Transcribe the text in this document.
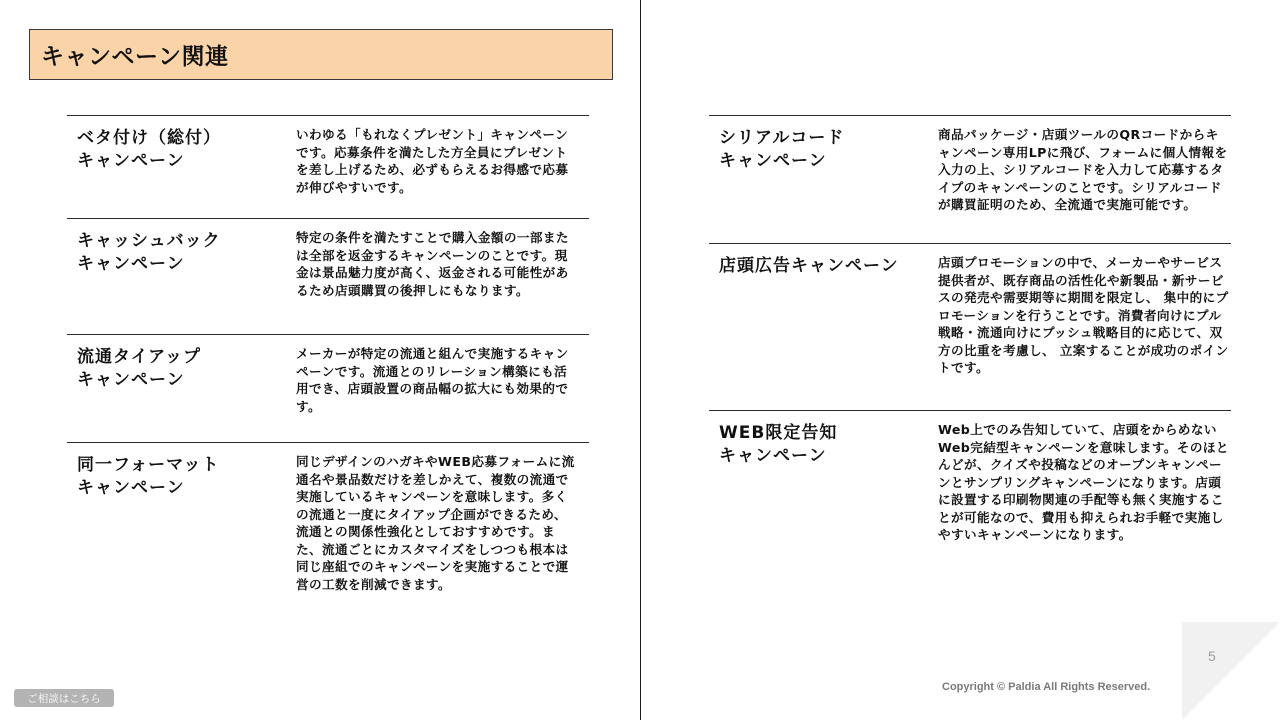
キャンペーン関連
ベタ付け（総付）
キャンペーン
いわゆる「もれなくプレゼント」キャンペーンです。応募条件を満たした方全員にプレゼントを差し上げるため、必ずもらえるお得感で応募が伸びやすいです。
キャッシュバック
キャンペーン
特定の条件を満たすことで購入金額の一部または全部を返金するキャンペーンのことです。現金は景品魅力度が高く、返金される可能性があるため店頭購買の後押しにもなります。
流通タイアップ
キャンペーン
メーカーが特定の流通と組んで実施するキャンペーンです。流通とのリレーション構築にも活用でき、店頭設置の商品幅の拡大にも効果的です。
同一フォーマット
キャンペーン
同じデザインのハガキやWEB応募フォームに流通名や景品数だけを差しかえて、複数の流通で実施しているキャンペーンを意味します。多くの流通と一度にタイアップ企画ができるため、流通との関係性強化としておすすめです。また、流通ごとにカスタマイズをしつつも根本は同じ座組でのキャンペーンを実施することで運営の工数を削減できます。
シリアルコード
キャンペーン
商品パッケージ・店頭ツールのQRコードからキャンペーン専用LPに飛び、フォームに個人情報を入力の上、シリアルコードを入力して応募するタイプのキャンペーンのことです。シリアルコードが購買証明のため、全流通で実施可能です。
店頭広告キャンペーン	店頭プロモーションの中で、メーカーやサービス提供者が、既存商品の活性化や新製品・新サービスの発売や需要期等に期間を限定し、 集中的にプロモーションを行うことです。消費者向けにプル戦略・流通向けにプッシュ戦略目的に応じて、双方の比重を考慮し、 立案することが成功のポイントです。
WEB限定告知
キャンペーン
Web上でのみ告知していて、店頭をからめないWeb完結型キャンペーンを意味します。そのほとんどが、クイズや投稿などのオープンキャンペーンとサンプリングキャンペーンになります。店頭に設置する印刷物関連の手配等も無く実施することが可能なので、費用も抑えられお手軽で実施しやすいキャンペーンになります。
5
Copyright © Paldia All Rights Reserved.
ご相談はこちら
